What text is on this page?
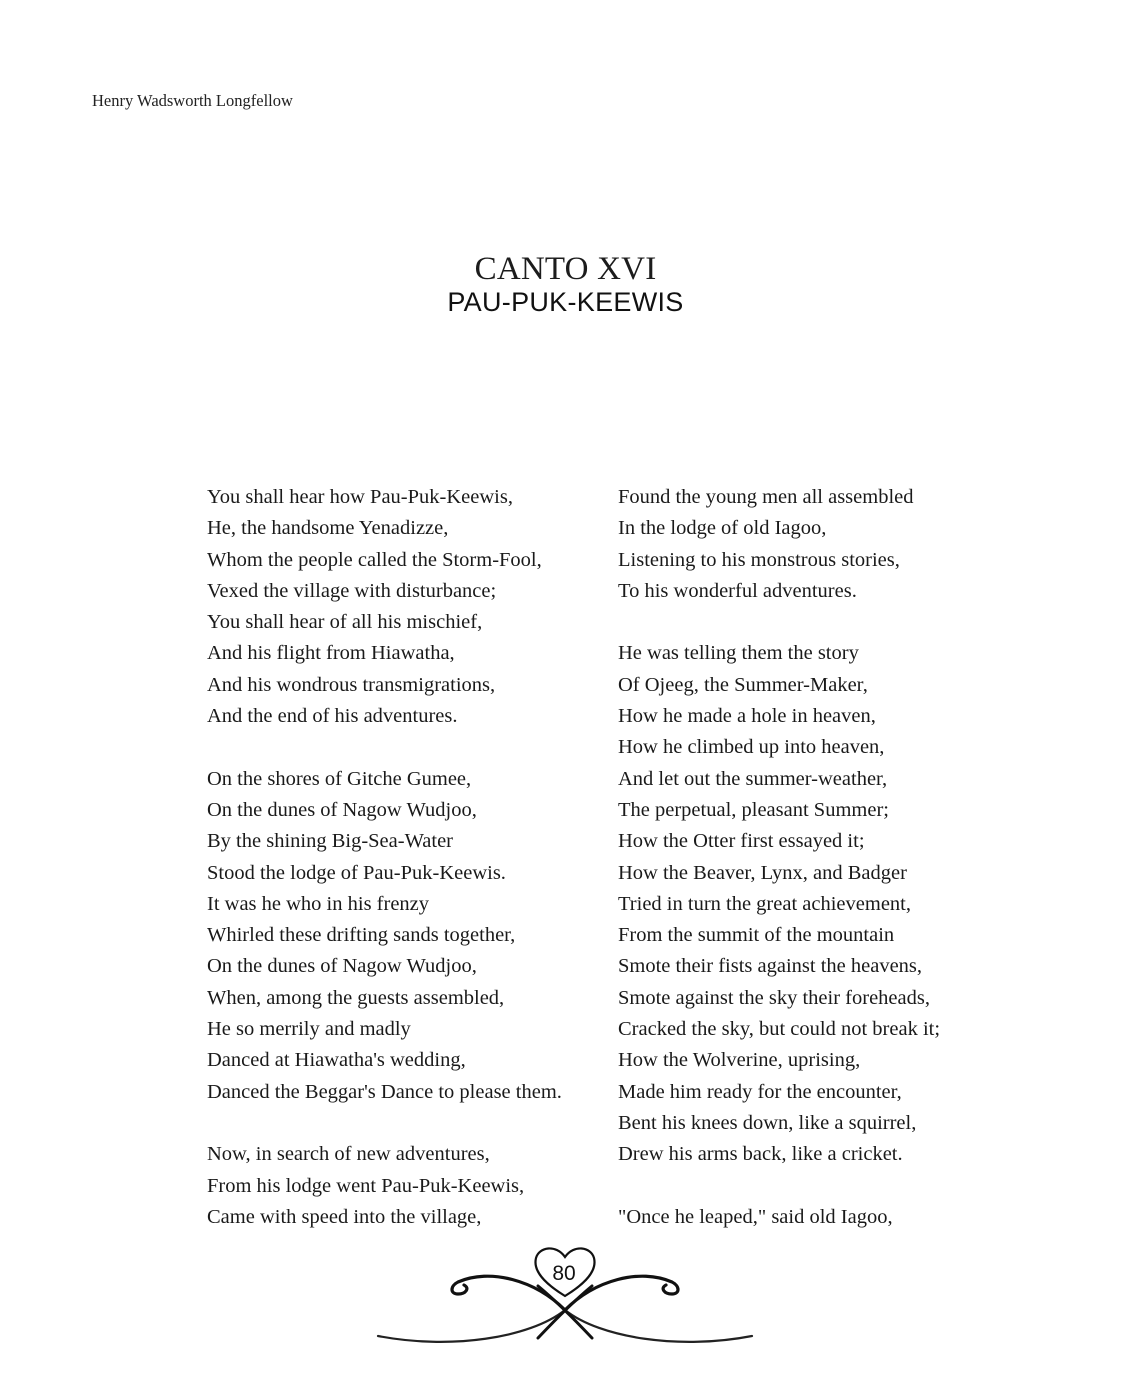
Henry Wadsworth Longfellow
CANTO XVI
PAU-PUK-KEEWIS
You shall hear how Pau-Puk-Keewis,
He, the handsome Yenadizze,
Whom the people called the Storm-Fool,
Vexed the village with disturbance;
You shall hear of all his mischief,
And his flight from Hiawatha,
And his wondrous transmigrations,
And the end of his adventures.
On the shores of Gitche Gumee,
On the dunes of Nagow Wudjoo,
By the shining Big-Sea-Water
Stood the lodge of Pau-Puk-Keewis.
It was he who in his frenzy
Whirled these drifting sands together,
On the dunes of Nagow Wudjoo,
When, among the guests assembled,
He so merrily and madly
Danced at Hiawatha's wedding,
Danced the Beggar's Dance to please them.
Now, in search of new adventures,
From his lodge went Pau-Puk-Keewis,
Came with speed into the village,
Found the young men all assembled
In the lodge of old Iagoo,
Listening to his monstrous stories,
To his wonderful adventures.
He was telling them the story
Of Ojeeg, the Summer-Maker,
How he made a hole in heaven,
How he climbed up into heaven,
And let out the summer-weather,
The perpetual, pleasant Summer;
How the Otter first essayed it;
How the Beaver, Lynx, and Badger
Tried in turn the great achievement,
From the summit of the mountain
Smote their fists against the heavens,
Smote against the sky their foreheads,
Cracked the sky, but could not break it;
How the Wolverine, uprising,
Made him ready for the encounter,
Bent his knees down, like a squirrel,
Drew his arms back, like a cricket.
"Once he leaped," said old Iagoo,
80
